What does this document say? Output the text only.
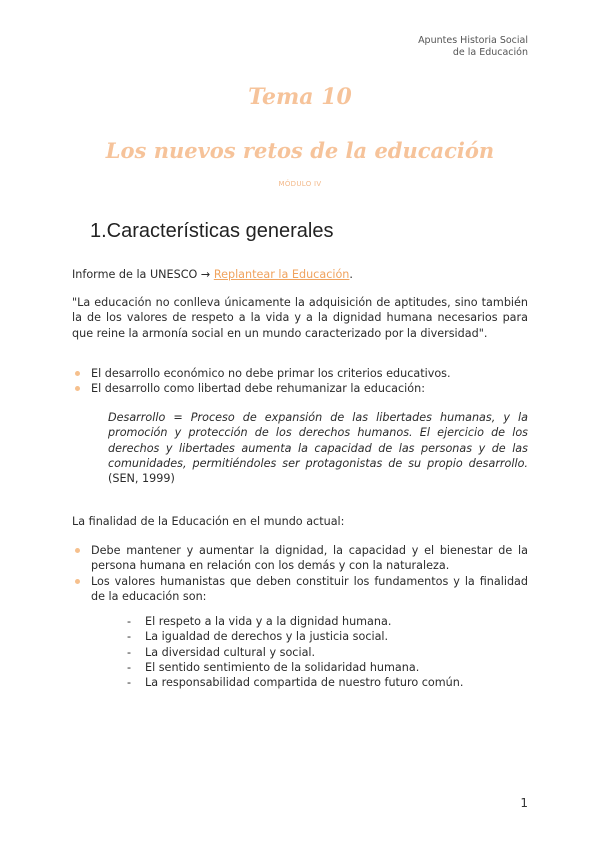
Apuntes Historia Social
de la Educación
Tema 10
Los nuevos retos de la educación
MÓDULO IV
1.Características generales
Informe de la UNESCO → Replantear la Educación.
"La educación no conlleva únicamente la adquisición de aptitudes, sino también la de los valores de respeto a la vida y a la dignidad humana necesarios para que reine la armonía social en un mundo caracterizado por la diversidad".
El desarrollo económico no debe primar los criterios educativos.
El desarrollo como libertad debe rehumanizar la educación:
Desarrollo = Proceso de expansión de las libertades humanas, y la promoción y protección de los derechos humanos. El ejercicio de los derechos y libertades aumenta la capacidad de las personas y de las comunidades, permitiéndoles ser protagonistas de su propio desarrollo. (SEN, 1999)
La finalidad de la Educación en el mundo actual:
Debe mantener y aumentar la dignidad, la capacidad y el bienestar de la persona humana en relación con los demás y con la naturaleza.
Los valores humanistas que deben constituir los fundamentos y la finalidad de la educación son:
- El respeto a la vida y a la dignidad humana.
- La igualdad de derechos y la justicia social.
- La diversidad cultural y social.
- El sentido sentimiento de la solidaridad humana.
- La responsabilidad compartida de nuestro futuro común.
1
